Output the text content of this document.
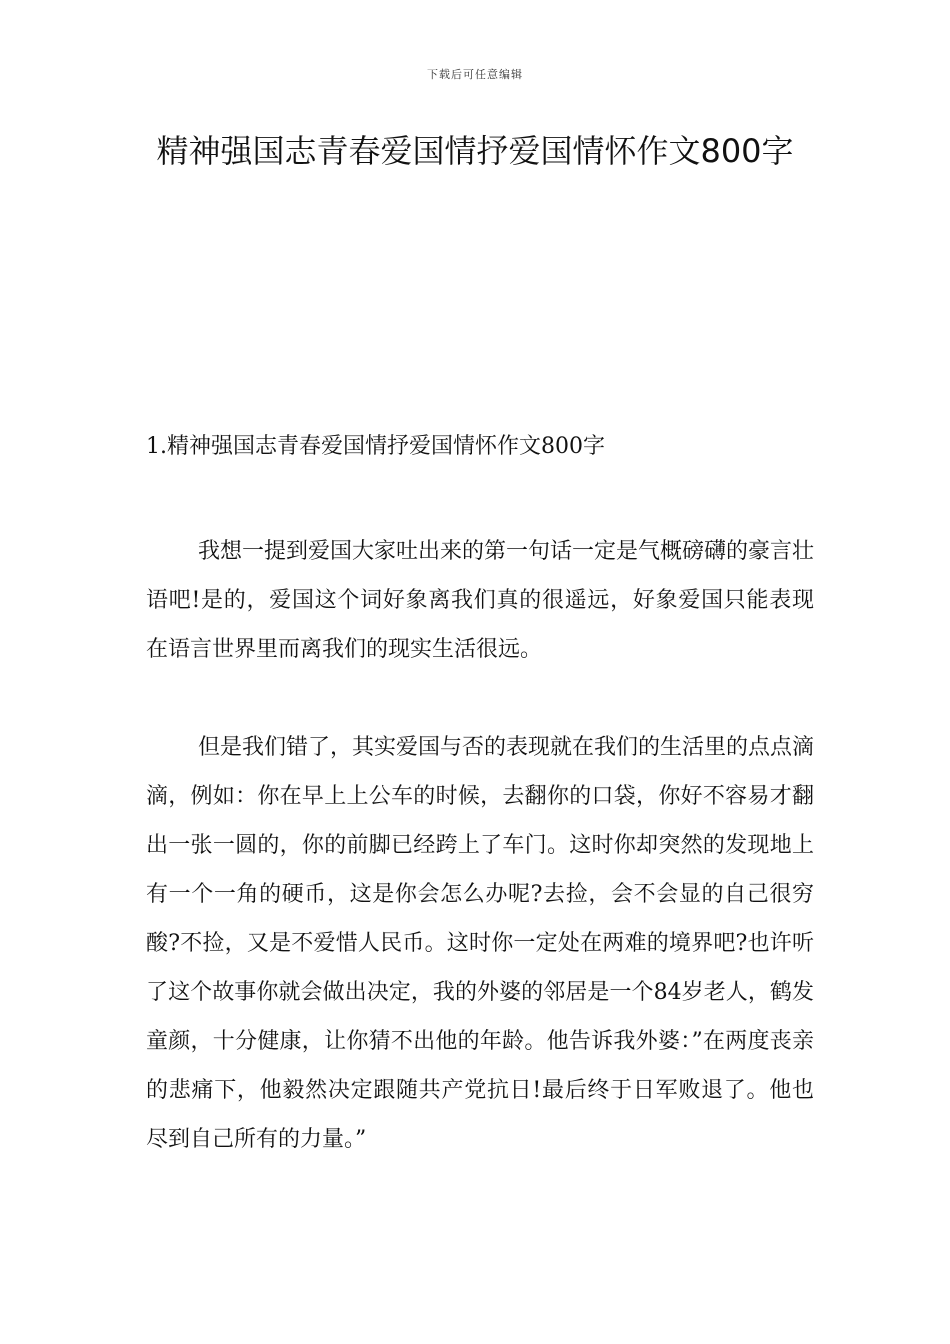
下载后可任意编辑
精神强国志青春爱国情抒爱国情怀作文800字
1.精神强国志青春爱国情抒爱国情怀作文800字

我想一提到爱国大家吐出来的第一句话一定是气概磅礴的豪言壮语吧!是的，爱国这个词好象离我们真的很遥远，好象爱国只能表现在语言世界里而离我们的现实生活很远。

但是我们错了，其实爱国与否的表现就在我们的生活里的点点滴滴，例如：你在早上上公车的时候，去翻你的口袋，你好不容易才翻出一张一圆的，你的前脚已经跨上了车门。这时你却突然的发现地上有一个一角的硬币，这是你会怎么办呢?去捡，会不会显的自己很穷酸?不捡，又是不爱惜人民币。这时你一定处在两难的境界吧?也许听了这个故事你就会做出决定，我的外婆的邻居是一个84岁老人，鹤发童颜，十分健康，让你猜不出他的年龄。他告诉我外婆：”在两度丧亲的悲痛下，他毅然决定跟随共产党抗日!最后终于日军败退了。他也尽到自己所有的力量。”
